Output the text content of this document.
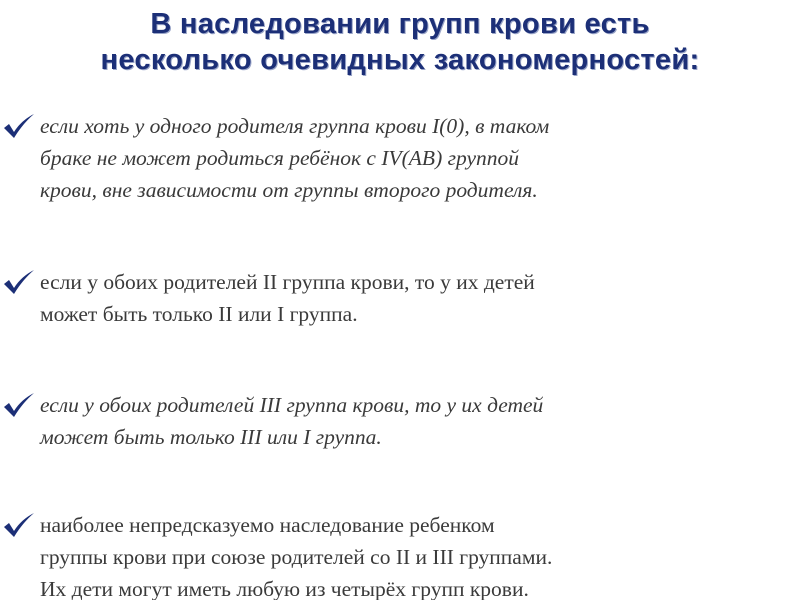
В наследовании групп крови есть
несколько очевидных закономерностей:
если хоть у одного родителя группа крови I(0), в таком
браке не может родиться ребёнок с IV(AB) группой
крови, вне зависимости от группы второго родителя.
если у обоих родителей II группа крови, то у их детей
может быть только II или I группа.
если у обоих родителей III группа крови, то у их детей
может быть только III или I группа.
наиболее непредсказуемо наследование ребенком
группы крови при союзе родителей со II и III группами.
Их дети могут иметь любую из четырёх групп крови.
